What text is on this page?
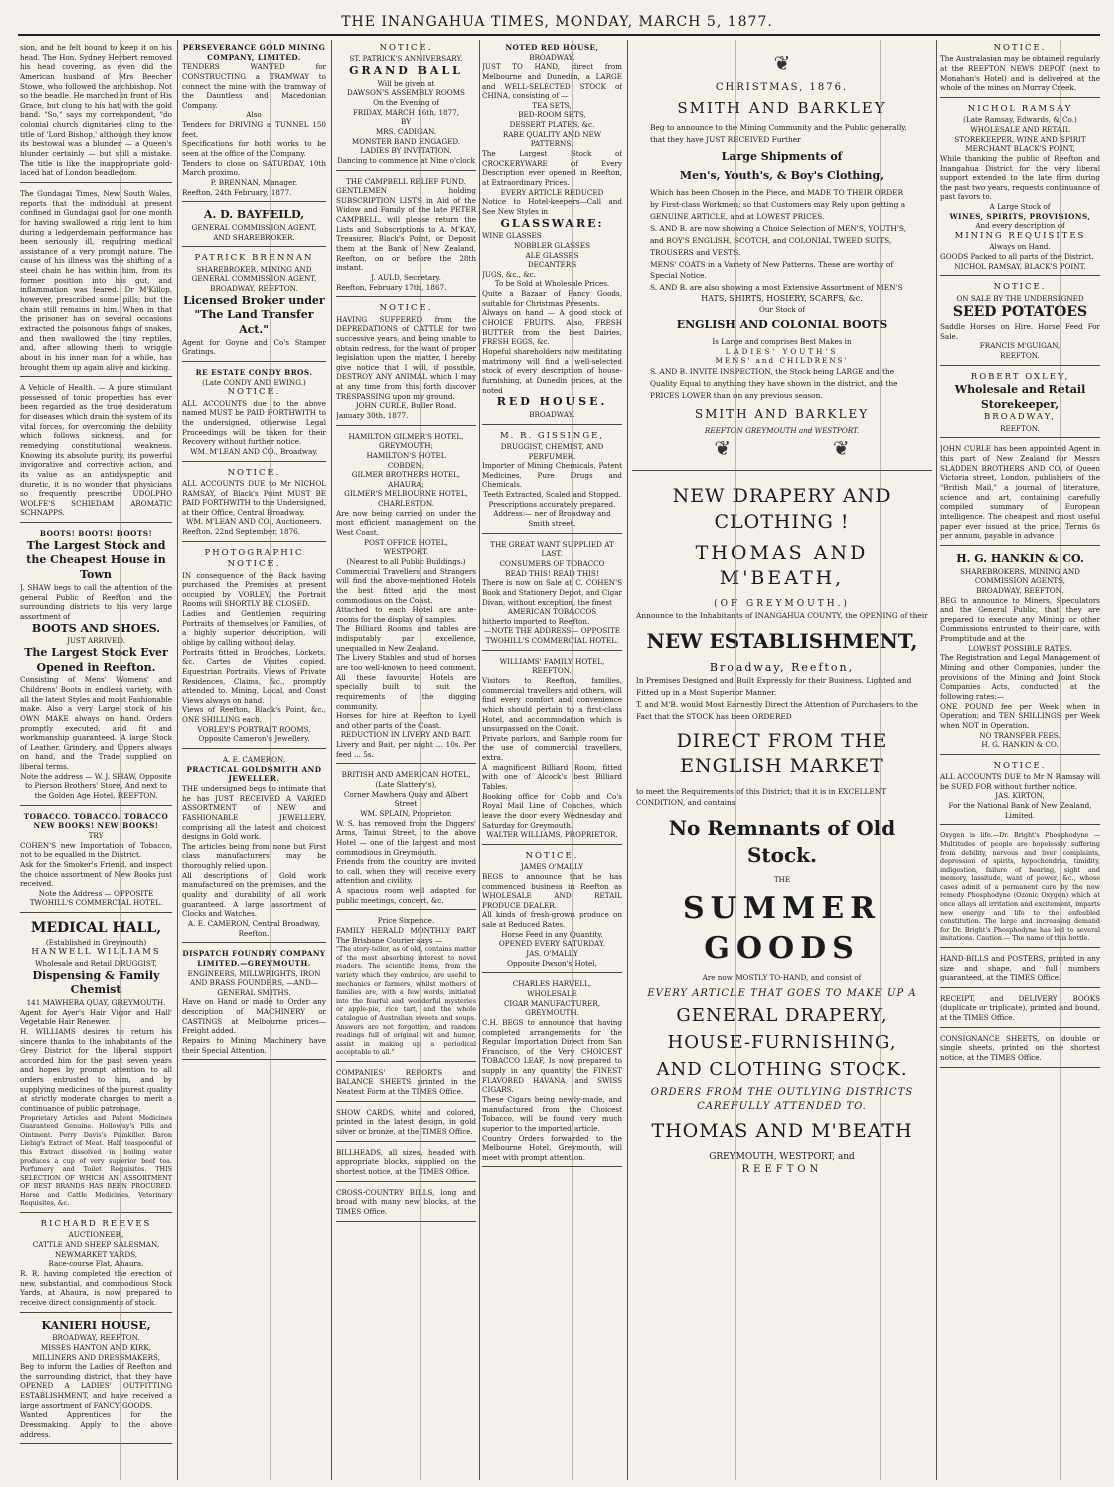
THE INANGAHUA TIMES, MONDAY, MARCH 5, 1877.
sion, and he felt bound to keep it on his head. The Hon. Sydney Herbert removed his head covering, as even did the American husband of Mrs Beecher Stowe, who followed the archbishop. Not so the beadle. He marched in front of His Grace, but clung to his hat with the gold band. "So," says my correspondent, "do colonial church dignitaries cling to the title of 'Lord Bishop,' although they know its bestowal was a blunder — a Queen's blunder certainly — but still a mistake. The title is like the inappropriate gold-laced hat of London beadledom.
The Gundagai Times, New South Wales, reports that the individual at present confined in Gundagai gaol for one month for having swallowed a ring lent to him during a ledgerdemain performance has been seriously ill, requiring medical assistance of a very prompt nature. The cause of his illness was the shifting of a steel chain he has within him, from its former position into his gut, and inflammation was feared. Dr M'Killop, however, prescribed some pills; but the chain still remains in him. When in that the prisoner has on several occasions extracted the poisonous fangs of snakes, and then swallowed the tiny reptiles, and, after allowing them to wriggle about in his inner man for a while, has brought them up again alive and kicking.
A Vehicle of Health. — A pure stimulant possessed of tonic properties has ever been regarded as the true desideratum for diseases which drain the system of its vital forces, for overcoming the debility which follows sickness, and for remedying constitutional weakness. Knowing its absolute purity, its powerful invigorative and corrective action, and its value as an antidyspeptic and diuretic, it is no wonder that physicians so frequently prescribe UDOLPHO WOLFE'S SCHIEDAM AROMATIC SCHNAPPS.
BOOTS! BOOTS! BOOTS!
The Largest Stock and the Cheapest House in Town
J. SHAW begs to call the attention of the general Public of Reefton and the surrounding districts to his very large assortment of
BOOTS AND SHOES.
JUST ARRIVED.
The Largest Stock Ever Opened in Reefton.
Consisting of Mens' Womens' and Childrens' Boots in endless variety, with all the latest Styles and most Fashionable make. Also a very Large stock of his OWN MAKE always on hand. Orders promptly executed, and fit and workmanship guaranteed. A large Stock of Leather, Grindery, and Uppers always on hand, and the Trade supplied on liberal terms.
Note the address — W. J. SHAW, Opposite to Pierson Brothers' Store, And next to the Golden Age Hotel, REEFTON.
TOBACCO. TOBACCO. TOBACCO
NEW BOOKS! NEW BOOKS!
TRY
COHEN'S new Importation of Tobacco, not to be equalled in the District.
Ask for the Smoker's Friend, and inspect the choice assortment of New Books just received.
Note the Address — OPPOSITE TWOHILL'S COMMERCIAL HOTEL.
MEDICAL HALL,
(Established in Greymouth)
HANWELL WILLIAMS
Wholesale and Retail DRUGGIST,
Dispensing & Family Chemist
141 MAWHERA QUAY, GREYMOUTH.
Agent for Ayer's Hair Vigor and Hall' Vegetable Hair Renewer.
H. WILLIAMS desires to return his sincere thanks to the inhabitants of the Grey District for the liberal support accorded him for the past seven years and hopes by prompt attention to all orders entrusted to him, and by supplying medicines of the purest quality at strictly moderate charges to merit a continuance of public patronage.
Proprietary Articles and Patent Medicines Guaranteed Genuine. Holloway's Pills and Ointment. Perry Davis's Painkiller. Baron Liebig's Extract of Meat. Half teaspoonful of this Extract dissolved in boiling water produces a cup of very superior beef tea. Perfumery and Toilet Requisites. THIS SELECTION OF WHICH AN ASSORTMENT OF BEST BRANDS HAS BEEN PROCURED. Horse and Cattle Medicines, Veterinary Requisites, &c.
RICHARD REEVES
AUCTIONEER,
CATTLE AND SHEEP SALESMAN,
NEWMARKET YARDS,
Race-course Flat, Ahaura.
R. R. having completed the erection of new, substantial, and commodious Stock Yards, at Ahaura, is now prepared to receive direct consignments of stock.
KANIERI HOUSE,
BROADWAY, REEFTON.
MISSES HANTON AND KIRK,
MILLINERS AND DRESSMAKERS,
Beg to inform the Ladies of Reefton and the surrounding district, that they have OPENED A LADIES' OUTFITTING ESTABLISHMENT, and have received a large assortment of FANCY GOODS.
Wanted Apprentices for the Dressmaking. Apply to the above address.
PERSEVERANCE GOLD MINING COMPANY, LIMITED.
TENDERS WANTED for CONSTRUCTING a TRAMWAY to connect the mine with the tramway of the Dauntless and Macedonian Company.
Also
Tenders for DRIVING a TUNNEL 150 feet.
Specifications for both works to be seen at the office of the Company.
Tenders to close on SATURDAY, 10th March proximo.
P. BRENNAN, Manager.
Reefton, 24th February, 1877.
A. D. BAYFEILD,
GENERAL COMMISSION AGENT, AND SHAREBROKER.
PATRICK BRENNAN
SHAREBROKER, MINING AND GENERAL COMMISSION AGENT, BROADWAY, REEFTON.
Licensed Broker under "The Land Transfer Act."
Agent for Goyne and Co's Stamper Gratings.
RE ESTATE CONDY BROS.
(Late CONDY AND EWING.)
NOTICE.
ALL ACCOUNTS due to the above named MUST be PAID FORTHWITH to the undersigned, otherwise Legal Proceedings will be taken for their Recovery without further notice.
WM. M'LEAN AND CO., Broadway.
NOTICE.
ALL ACCOUNTS DUE to Mr NICHOL RAMSAY, of Black's Point MUST BE PAID FORTHWITH to the Undersigned, at their Office, Central Broadway.
WM. M'LEAN AND CO., Auctioneers.
Reefton, 22nd September, 1876.
PHOTOGRAPHIC
NOTICE.
IN consequence of the Back having purchased the Premises at present occupied by VORLEY, the Portrait Rooms will SHORTLY BE CLOSED.
Ladies and Gentlemen requiring Portraits of themselves or Families, of a highly superior description, will oblige by calling without delay.
Portraits fitted in Brooches, Lockets, &c. Cartes de Visites copied. Equestrian Portraits. Views of Private Residences, Claims, &c., promptly attended to. Mining, Local, and Coast Views always on hand.
Views of Reefton, Black's Point, &c., ONE SHILLING each.
VORLEY'S PORTRAIT ROOMS,
Opposite Cameron's Jewellery.
A. E. CAMERON,
PRACTICAL GOLDSMITH AND JEWELLER.
THE undersigned begs to intimate that he has JUST RECEIVED A VARIED ASSORTMENT of NEW and FASHIONABLE JEWELLERY, comprising all the latest and choicest designs in Gold work.
The articles being from none but First class manufacturers may be thoroughly relied upon.
All descriptions of Gold work manufactured on the premises, and the quality and durability of all work guaranteed. A large assortment of Clocks and Watches.
A. E. CAMERON, Central Broadway, Reefton.
DISPATCH FOUNDRY COMPANY LIMITED.—GREYMOUTH.
ENGINEERS, MILLWRIGHTS, IRON AND BRASS FOUNDERS, —AND— GENERAL SMITHS.
Have on Hand or made to Order any description of MACHINERY or CASTINGS at Melbourne prices—Freight added.
Repairs to Mining Machinery have their Special Attention.
NOTICE.
ST. PATRICK'S ANNIVERSARY.
GRAND BALL
Will be given at
DAWSON'S ASSEMBLY ROOMS
On the Evening of
FRIDAY, MARCH 16th, 1877,
BY
MRS. CADIGAN.
MONSTER BAND ENGAGED.
LADIES BY INVITATION.
Dancing to commence at Nine o'clock
THE CAMPBELL RELIEF FUND.
GENTLEMEN holding SUBSCRIPTION LISTS in Aid of the Widow and Family of the late PETER CAMPBELL, will please return the Lists and Subscriptions to A. M'KAY, Treasurer, Black's Point, or Deposit them at the Bank of New Zealand, Reefton, on or before the 28th instant.
J. AULD, Secretary.
Reefton, February 17th, 1867.
NOTICE.
HAVING SUFFERED from the DEPREDATIONS of CATTLE for two successive years, and being unable to obtain redress, for the want of proper legislation upon the matter, I hereby give notice that I will, if possible, DESTROY ANY ANIMAL which I may at any time from this forth discover TRESPASSING upon my ground.
JOHN CURLE, Buller Road.
January 30th, 1877.
HAMILTON GILMER'S HOTEL,
GREYMOUTH;
HAMILTON'S HOTEL
COBDEN;
GILMER BROTHERS HOTEL,
AHAURA;
GILMER'S MELBOURNE HOTEL,
CHARLESTON.
Are now being carried on under the most efficient management on the West Coast.
POST OFFICE HOTEL,
WESTPORT.
(Nearest to all Public Buildings.)
Commercial Travellers and Strangers will find the above-mentioned Hotels the best fitted and the most commodious on the Coast.
Attached to each Hotel are ante-rooms for the display of samples.
The Billiard Rooms and tables are indisputably par excellence, unequalled in New Zealand.
The Livery Stables and stud of horses are too well-known to need comment. All these favourite Hotels are specially built to suit the requirements of the digging community.
Horses for hire at Reefton to Lyell and other parts of the Coast.
REDUCTION IN LIVERY AND BAIT.
Livery and Bait, per night ... 10s. Per feed ... 5s.
BRITISH AND AMERICAN HOTEL,
(Late Slattery's),
Corner Mawhera Quay and Albert Street
WM. SPLAIN, Proprietor.
W. S. has removed from the Diggers' Arms, Tainui Street, to the above Hotel — one of the largest and most commodious in Greymouth.
Friends from the country are invited to call, when they will receive every attention and civility.
A spacious room well adapted for public meetings, concert, &c.
Price Sixpence.
FAMILY HERALD MONTHLY PART The Brisbane Courier says —
"The story-teller, as of old, contains matter of the most absorbing interest to novel readers. The scientific items, from the variety which they embrace, are useful to mechanics or farmers, whilst mothers of families are, with a few words, initiated into the fearful and wonderful mysteries or apple-pie, rice tart, and the whole catalogue of Australian sweets and soups. Answers are not forgotten, and random readings full of original wit and humor, assist in making up a periodical acceptable to all."
COMPANIES' REPORTS and BALANCE SHEETS printed in the Neatest Form at the TIMES Office.
SHOW CARDS, white and colored, printed in the latest design, in gold silver or bronze, at the TIMES Office.
BILLHEADS, all sizes, headed with appropriate blocks, supplied on the shortest notice, at the TIMES Office.
CROSS-COUNTRY BILLS, long and broad with many new blocks, at the TIMES Office.
NOTED RED HOUSE,
BROADWAY.
JUST TO HAND, direct from Melbourne and Dunedin, a LARGE and WELL-SELECTED STOCK of CHINA, consisting of —
TEA SETS,
BED-ROOM SETS,
DESSERT PLATES, &c.
RARE QUALITY AND NEW PATTERNS.
The Largest Stock of CROCKERYWARE of Every Description ever opened in Reefton, at Extraordinary Prices.
EVERY ARTICLE REDUCED
Notice to Hotel-keepers—Call and See New Styles in
GLASSWARE:
WINE GLASSES
NOBBLER GLASSES
ALE GLASSES
DECANTERS
JUGS, &c., &c.
To be Sold at Wholesale Prices.
Quite a Bazaar of Fancy Goods, suitable for Christmas Presents.
Always on hand — A good stock of CHOICE FRUITS. Also, FRESH BUTTER from the best Dairies, FRESH EGGS, &c.
Hopeful shareholders now meditating matrimony will find a well-selected stock of every description of house-furnishing, at Dunedin prices, at the noted
RED HOUSE.
BROADWAY.
M. R. GISSINGE,
DRUGGIST, CHEMIST, AND PERFUMER.
Importer of Mining Chemicals, Patent Medicines, Pure Drugs and Chemicals.
Teeth Extracted, Scaled and Stopped.
Prescriptions accurately prepared.
Address:— ner of Broadway and Smith street.
THE GREAT WANT SUPPLIED AT LAST.
CONSUMERS OF TOBACCO
READ THIS! READ THIS!
There is now on Sale at C. COHEN'S Book and Stationery Depot, and Cigar Divan, without exception, the finest
AMERICAN TOBACCOS
hitherto imported to Reefton.
—NOTE THE ADDRESS— OPPOSITE TWOHILL'S COMMERCIAL HOTEL.
WILLIAMS' FAMILY HOTEL,
REEFTON.
Visitors to Reefton, families, commercial travellers and others, will find every comfort and convenience which should pertain to a first-class Hotel, and accommodation which is unsurpassed on the Coast.
Private parlors, and Sample room for the use of commercial travellers, extra.
A magnificent Billiard Room, fitted with one of Alcock's best Billiard Tables.
Booking office for Cobb and Co's Royal Mail Line of Coaches, which leave the door every Wednesday and Saturday for Greymouth.
WALTER WILLIAMS, PROPRIETOR.
NOTICE.
JAMES O'MALLY
BEGS to announce that he has commenced business in Reefton as WHOLESALE AND RETAIL PRODUCE DEALER.
All kinds of fresh-grown produce on sale at Reduced Rates.
Horse Feed in any Quantity.
OPENED EVERY SATURDAY.
JAS. O'MALLY
Opposite Dwson's Hotel,
CHARLES HARVELL,
WHOLESALE
CIGAR MANUFACTURER,
GREYMOUTH.
C.H. BEGS to announce that having completed arrangements for the Regular Importation Direct from San Francisco, of the Very CHOICEST TOBACCO LEAF, Is now prepared to supply in any quantity the FINEST FLAVORED HAVANA and SWISS CIGARS.
These Cigars being newly-made, and manufactured from the Choicest Tobacco, will be found very much superior to the imported article.
Country Orders forwarded to the Melbourne Hotel, Greymouth, will meet with prompt attention.
❦
CHRISTMAS, 1876.
SMITH AND BARKLEY
Beg to announce to the Mining Community and the Public generally, that they have JUST RECEIVED Further
Large Shipments of
Men's, Youth's, & Boy's Clothing,
Which has been Chosen in the Piece, and MADE TO THEIR ORDER by First-class Workmen; so that Customers may Rely upon getting a GENUINE ARTICLE, and at LOWEST PRICES.
S. AND B. are now showing a Choice Selection of MEN'S, YOUTH'S, and BOY'S ENGLISH, SCOTCH, and COLONIAL TWEED SUITS, TROUSERS and VESTS.
MENS' COATS in a Variety of New Patterns. These are worthy of Special Notice.
S. AND B. are also showing a most Extensive Assortment of MEN'S
HATS, SHIRTS, HOSIERY, SCARFS, &c.
Our Stock of
ENGLISH AND COLONIAL BOOTS
Is Large and comprises Best Makes in
LADIES' YOUTH'S
MENS' and CHILDRENS'
S. AND B. INVITE INSPECTION, the Stock being LARGE and the Quality Equal to anything they have shown in the district, and the PRICES LOWER than on any previous season.
SMITH AND BARKLEY
REEFTON GREYMOUTH and WESTPORT.
❦                ❦
NEW DRAPERY AND CLOTHING !
THOMAS AND M'BEATH,
(OF GREYMOUTH.)
Announce to the Inhabitants of INANGAHUA COUNTY, the OPENING of their
NEW ESTABLISHMENT,
Broadway, Reefton,
In Premises Designed and Built Expressly for their Business. Lighted and Fitted up in a Most Superior Manner.
T. and M'B. would Most Earnestly Direct the Attention of Purchasers to the Fact that the STOCK has been ORDERED
DIRECT FROM THE ENGLISH MARKET
to meet the Requirements of this District; that it is in EXCELLENT CONDITION, and contains
No Remnants of Old Stock.
THE
SUMMER GOODS
Are now MOSTLY TO-HAND, and consist of
EVERY ARTICLE THAT GOES TO MAKE UP A
GENERAL DRAPERY,
HOUSE-FURNISHING,
AND CLOTHING STOCK.
ORDERS FROM THE OUTLYING DISTRICTS CAREFULLY ATTENDED TO.
THOMAS AND M'BEATH
GREYMOUTH, WESTPORT, and
REEFTON
NOTICE.
The Australasian may be obtained regularly at the REEFTON NEWS DEPOT (next to Monahan's Hotel) and is delivered at the whole of the mines on Murray Creek.
NICHOL RAMSAY
(Late Ramsay, Edwards, & Co.)
WHOLESALE AND RETAIL STOREKEEPER, WINE AND SPIRIT MERCHANT BLACK'S POINT,
While thanking the public of Reefton and Inangahua District for the very liberal support extended to the late firm during the past two years, requests continuance of past favors to.
A Large Stock of
WINES, SPIRITS, PROVISIONS,
And every description of
MINING REQUISITES
Always on Hand.
GOODS Packed to all parts of the District.
NICHOL RAMSAY, BLACK'S POINT.
NOTICE.
ON SALE BY THE UNDERSIGNED
SEED POTATOES
Saddle Horses on Hire. Horse Feed For Sale.
FRANCIS M'GUIGAN,
REEFTON.
ROBERT OXLEY,
Wholesale and Retail
Storekeeper,
BROADWAY,
REEFTON.
JOHN CURLE has been appointed Agent in this part of New Zealand for Messrs SLADDEN BROTHERS AND CO. of Queen Victoria street, London, publishers of the "British Mail," a journal of literature, science and art, containing carefully compiled summary of European intelligence. The cheapest and most useful paper ever issued at the price. Terms 6s per annum, payable in advance
H. G. HANKIN & CO.
SHAREBROKERS, MINING AND COMMISSION AGENTS,
BROADWAY, REEFTON.
BEG to announce to Miners, Speculators and the General Public, that they are prepared to execute any Mining or other Commissions entrusted to their care, with Promptitude and at the
LOWEST POSSIBLE RATES.
The Registration and Legal Management of Mining and other Companies, under the provisions of the Mining and Joint Stock Companies Acts, conducted at the following rates:—
ONE POUND fee per Week when in Operation; and TEN SHILLINGS per Week when NOT in Operation.
NO TRANSFER FEES.
H. G. HANKIN & CO.
NOTICE.
ALL ACCOUNTS DUE to Mr N Ramsay will be SUED FOR without further notice.
JAS. KIRTON,
For the National Bank of New Zealand, Limited.
Oxygen is life.—Dr. Bright's Phosphodyne — Multitudes of people are hopelessly suffering from debility, nervous and liver complaints, depression of spirits, hypochondria, timidity, indigestion, failure of hearing, sight and memory, lassitude, want of power, &c., whose cases admit of a permanent cure by the new remedy Phosphodyne (Ozonic Oxygen) which at once allays all irritation and excitement, imparts new energy and life to the enfeebled constitution. The large and increasing demand for Dr. Bright's Phosphodyne has led to several imitations. Caution.— The name of this bottle.
HAND-BILLS and POSTERS, printed in any size and shape, and full numbers guaranteed, at the TIMES Office.
RECEIPT, and DELIVERY BOOKS (duplicate or triplicate), printed and bound, at the TIMES Office.
CONSIGNANCE SHEETS, on double or single sheets, printed on the shortest notice, at the TIMES Office.
